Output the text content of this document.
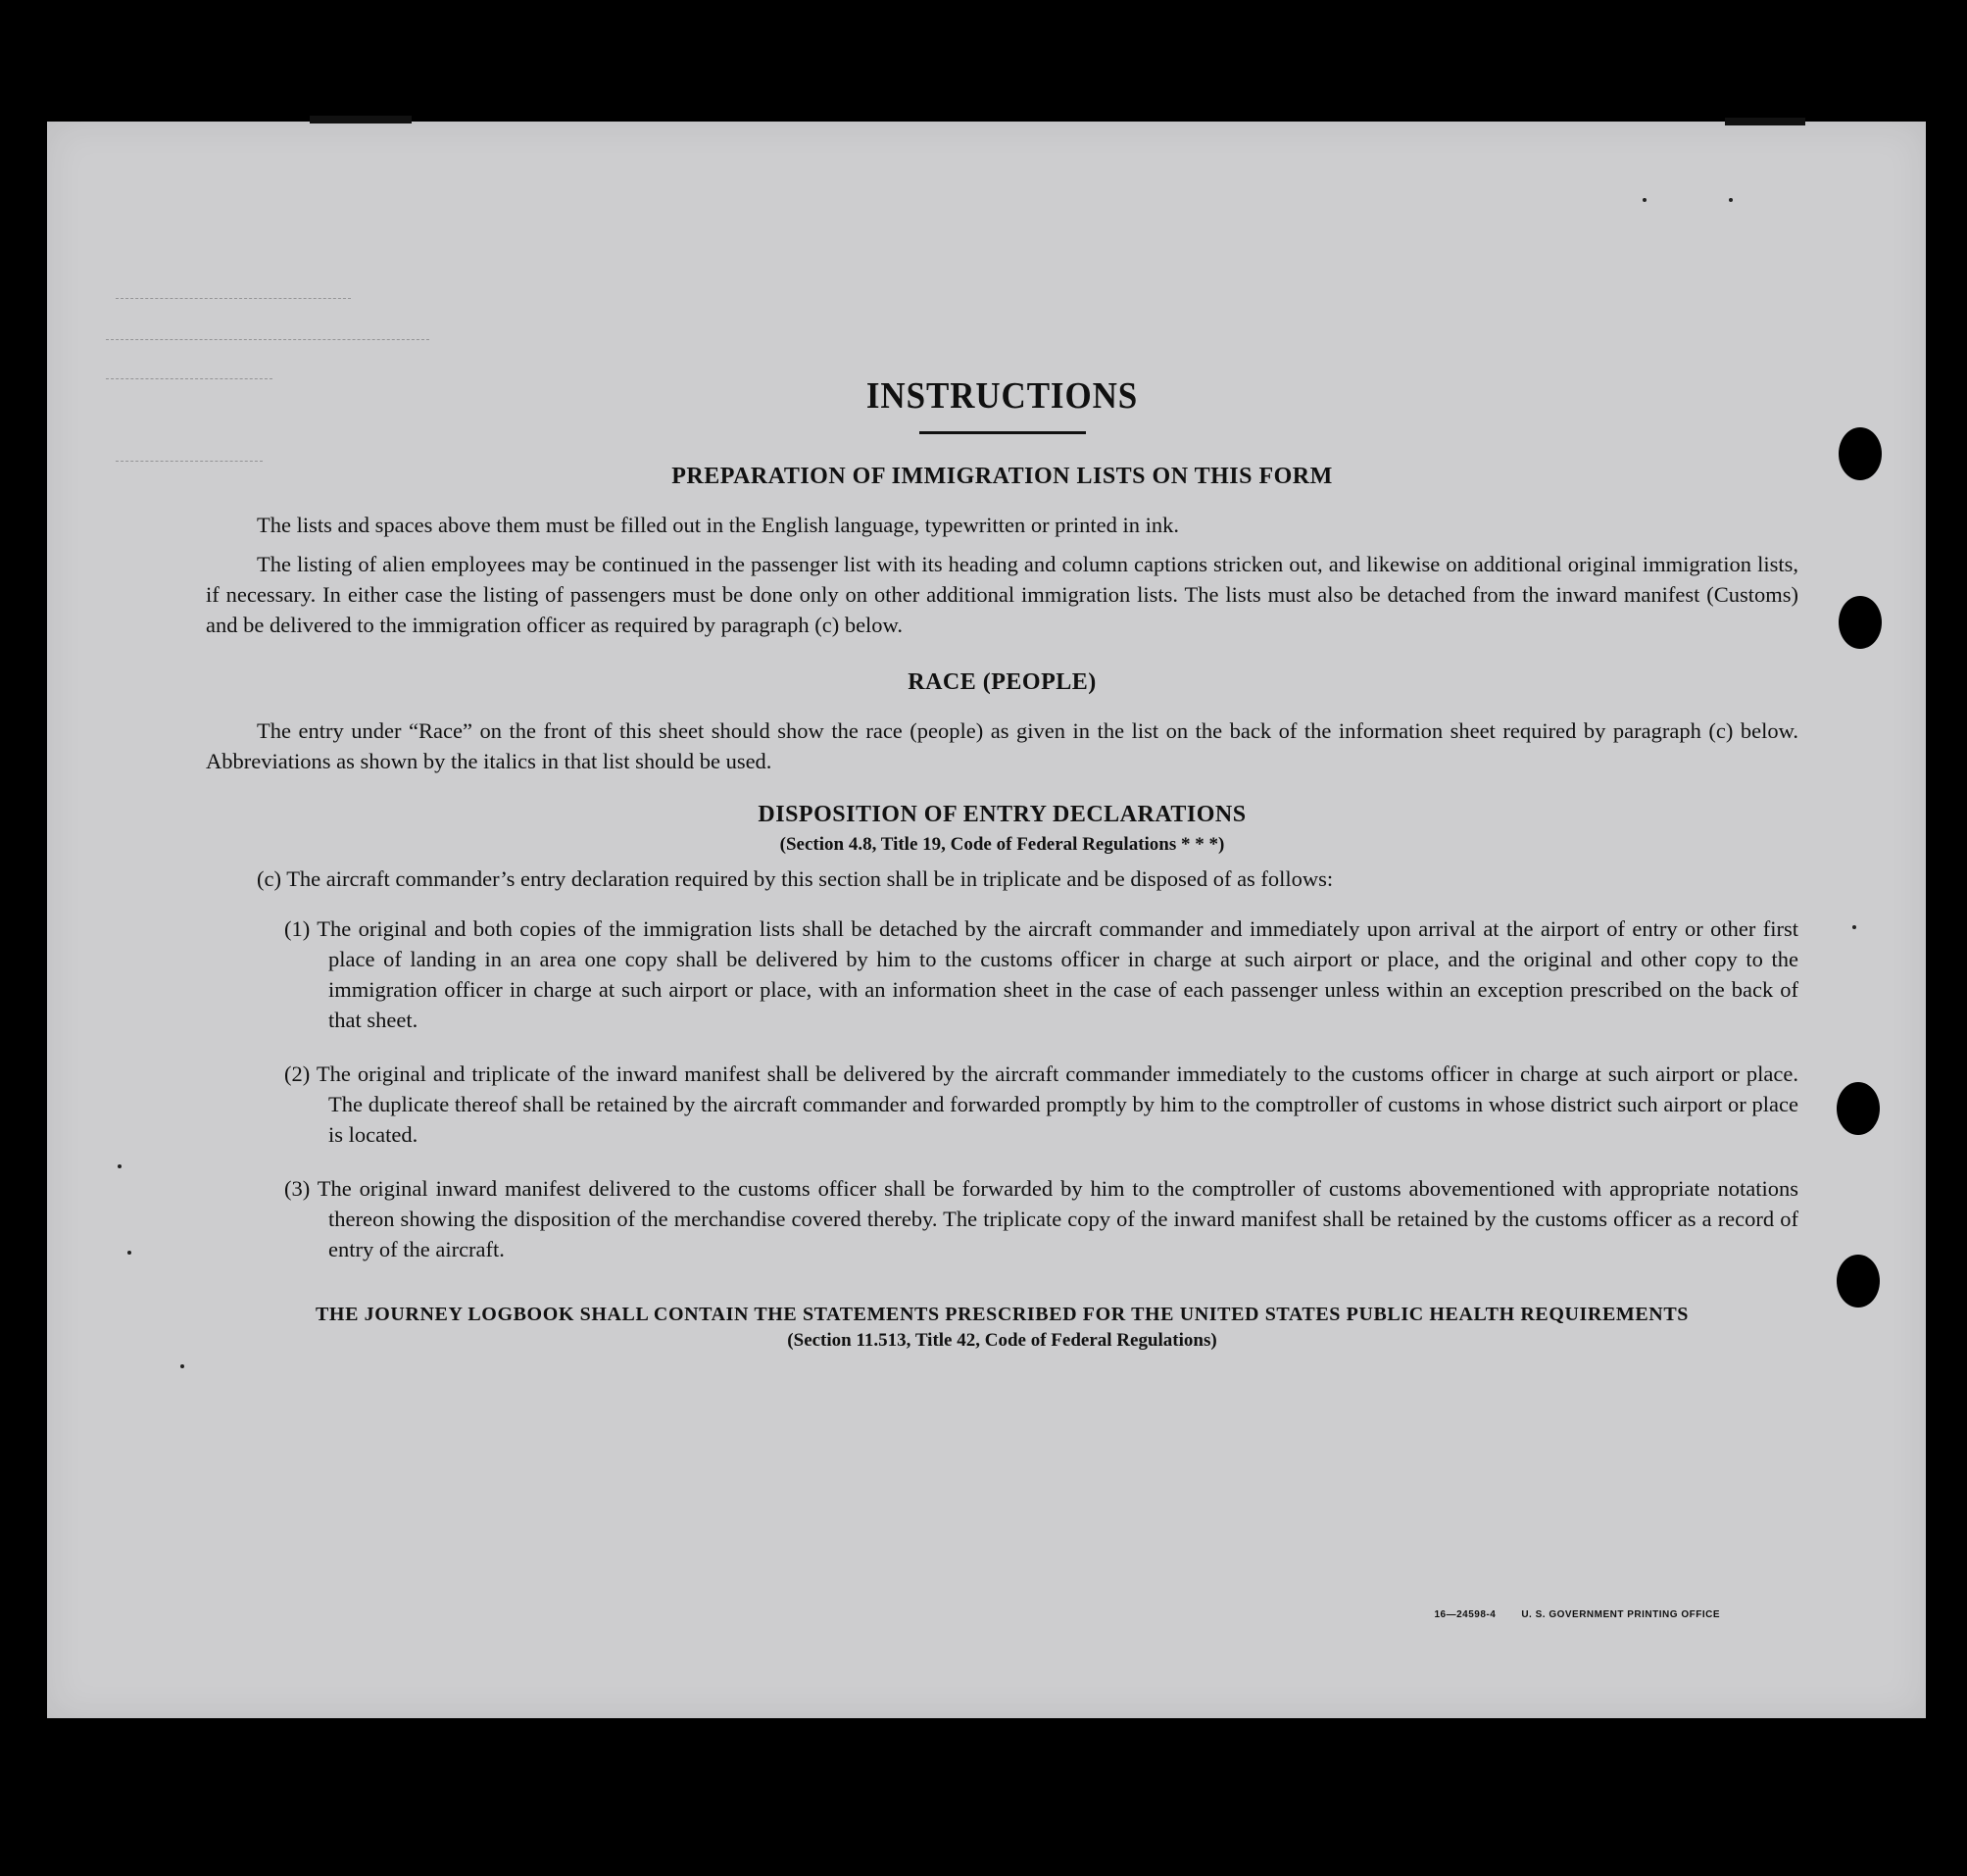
INSTRUCTIONS
PREPARATION OF IMMIGRATION LISTS ON THIS FORM

The lists and spaces above them must be filled out in the English language, typewritten or printed in ink.

The listing of alien employees may be continued in the passenger list with its heading and column captions stricken out, and likewise on additional original immigration lists, if necessary. In either case the listing of passengers must be done only on other additional immigration lists. The lists must also be detached from the inward manifest (Customs) and be delivered to the immigration officer as required by paragraph (c) below.

RACE (PEOPLE)

The entry under “Race” on the front of this sheet should show the race (people) as given in the list on the back of the information sheet required by paragraph (c) below. Abbreviations as shown by the italics in that list should be used.

DISPOSITION OF ENTRY DECLARATIONS

(Section 4.8, Title 19, Code of Federal Regulations * * *)

(c) The aircraft commander’s entry declaration required by this section shall be in triplicate and be disposed of as follows:

(1) The original and both copies of the immigration lists shall be detached by the aircraft commander and immediately upon arrival at the airport of entry or other first place of landing in an area one copy shall be delivered by him to the customs officer in charge at such airport or place, and the original and other copy to the immigration officer in charge at such airport or place, with an information sheet in the case of each passenger unless within an exception prescribed on the back of that sheet.

(2) The original and triplicate of the inward manifest shall be delivered by the aircraft commander immediately to the customs officer in charge at such airport or place. The duplicate thereof shall be retained by the aircraft commander and forwarded promptly by him to the comptroller of customs in whose district such airport or place is located.

(3) The original inward manifest delivered to the customs officer shall be forwarded by him to the comptroller of customs abovementioned with appropriate notations thereon showing the disposition of the merchandise covered thereby. The triplicate copy of the inward manifest shall be retained by the customs officer as a record of entry of the aircraft.

THE JOURNEY LOGBOOK SHALL CONTAIN THE STATEMENTS PRESCRIBED FOR THE UNITED STATES PUBLIC HEALTH REQUIREMENTS

(Section 11.513, Title 42, Code of Federal Regulations)

16—24598-4	U. S. GOVERNMENT PRINTING OFFICE
